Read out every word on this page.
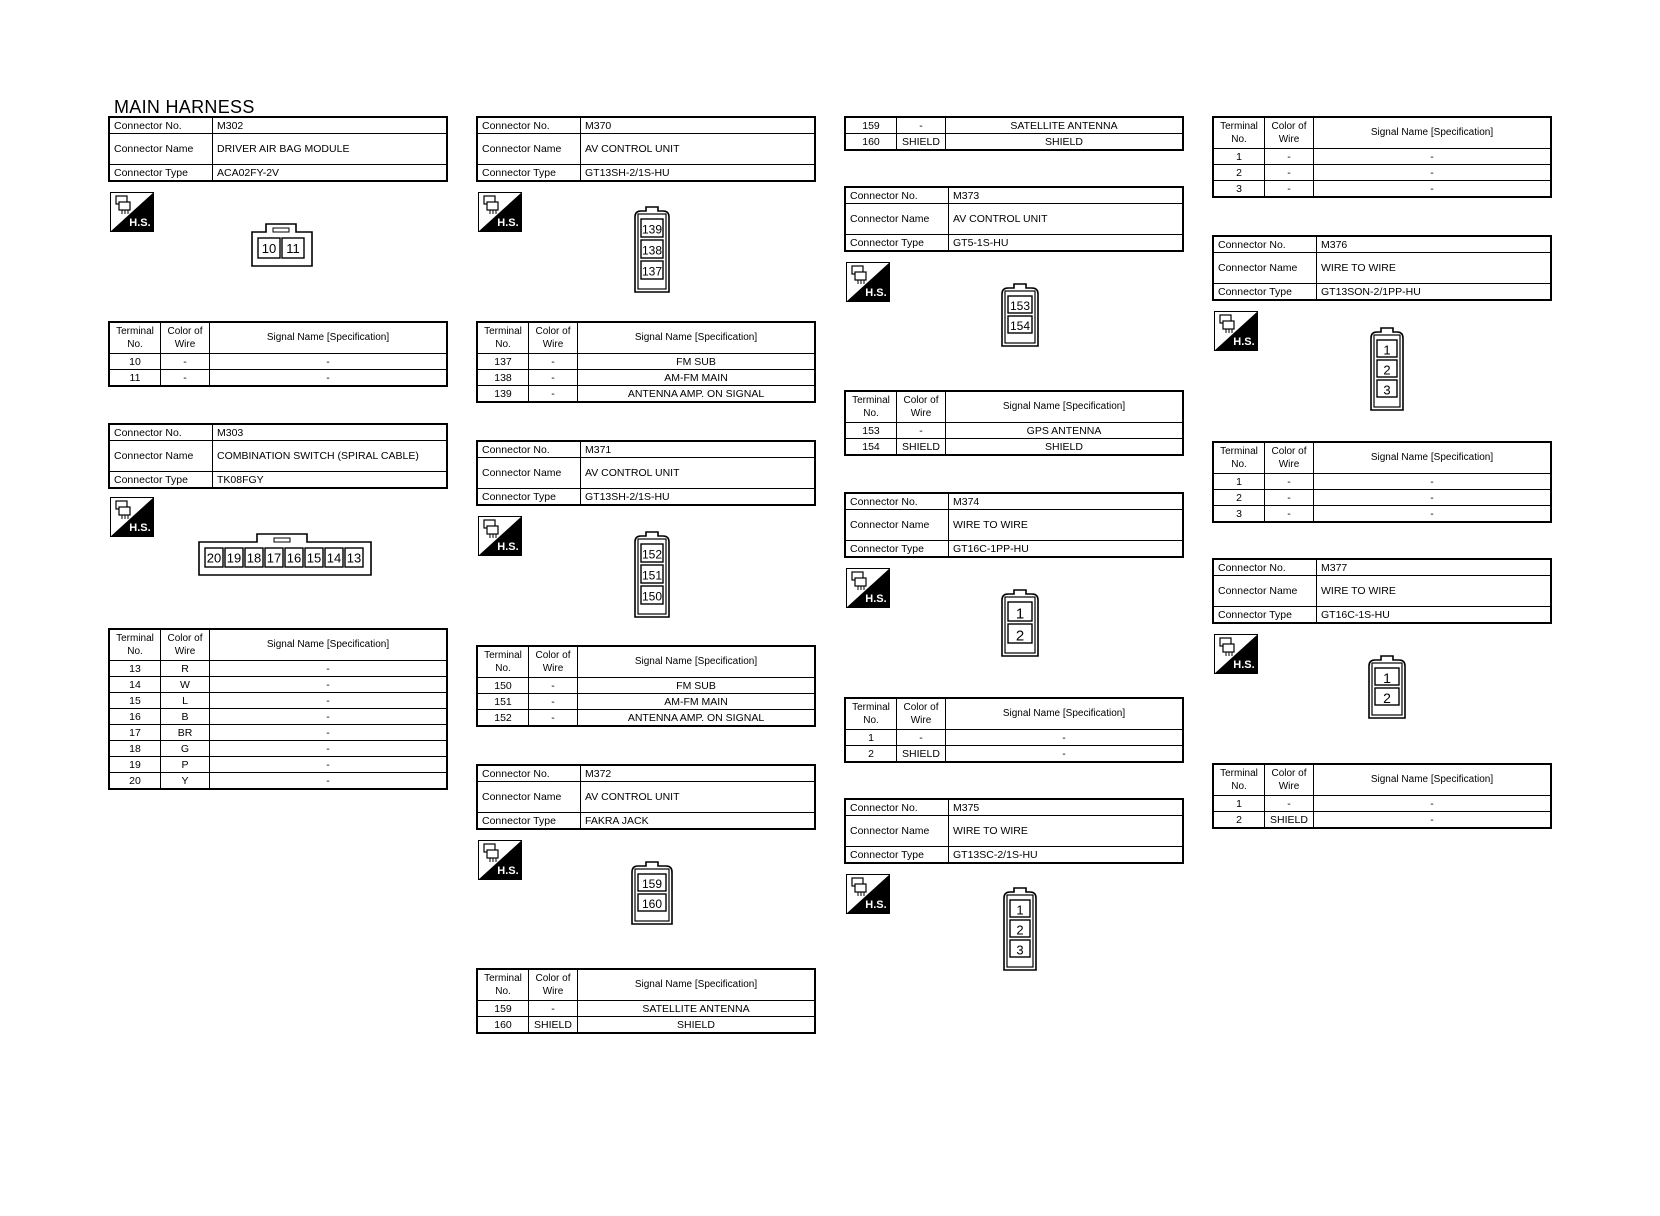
MAIN HARNESS
Connector No.	M302
Connector Name	DRIVER AIR BAG MODULE
Connector Type	ACA02FY-2V
H.S.
10 11
Terminal No.	Color of Wire	Signal Name [Specification]
10	-	-
11	-	-
Connector No.	M303
Connector Name	COMBINATION SWITCH (SPIRAL CABLE)
Connector Type	TK08FGY
H.S.
20 19 18 17 16 15 14 13
Terminal No.	Color of Wire	Signal Name [Specification]
13	R	-
14	W	-
15	L	-
16	B	-
17	BR	-
18	G	-
19	P	-
20	Y	-
Connector No.	M370
Connector Name	AV CONTROL UNIT
Connector Type	GT13SH-2/1S-HU
H.S.	139
138
137
Terminal No.	Color of Wire	Signal Name [Specification]
137	-	FM SUB
138	-	AM-FM MAIN
139	-	ANTENNA AMP. ON SIGNAL
Connector No.	M371
Connector Name	AV CONTROL UNIT
Connector Type	GT13SH-2/1S-HU
H.S.
152
151
150
Terminal No.	Color of Wire	Signal Name [Specification]
150	-	FM SUB
151	-	AM-FM MAIN
152	-	ANTENNA AMP. ON SIGNAL
Connector No.	M372
Connector Name	AV CONTROL UNIT
Connector Type	FAKRA JACK
H.S.
159
160
Terminal No.	Color of Wire	Signal Name [Specification]
159	-	SATELLITE ANTENNA
160	SHIELD	SHIELD
159	-	SATELLITE ANTENNA
160	SHIELD	SHIELD
Connector No.	M373
Connector Name	AV CONTROL UNIT
Connector Type	GT5-1S-HU
H.S.
153
154
Terminal No.	Color of Wire	Signal Name [Specification]
153	-	GPS ANTENNA
154	SHIELD	SHIELD
Connector No.	M374
Connector Name	WIRE TO WIRE
Connector Type	GT16C-1PP-HU
H.S.
1
2
Terminal No.	Color of Wire	Signal Name [Specification]
1	-	-
2	SHIELD	-
Connector No.	M375
Connector Name	WIRE TO WIRE
Connector Type	GT13SC-2/1S-HU
H.S.	1
2
3
Terminal No.	Color of Wire	Signal Name [Specification]
1	-	-
2	-	-
3	-	-
Connector No.	M376
Connector Name	WIRE TO WIRE
Connector Type	GT13SON-2/1PP-HU
H.S.
1
2
3
Terminal No.	Color of Wire	Signal Name [Specification]
1	-	-
2	-	-
3	-	-
Connector No.	M377
Connector Name	WIRE TO WIRE
Connector Type	GT16C-1S-HU
H.S.
1
2
Terminal No.	Color of Wire	Signal Name [Specification]
1	-	-
2	SHIELD	-
